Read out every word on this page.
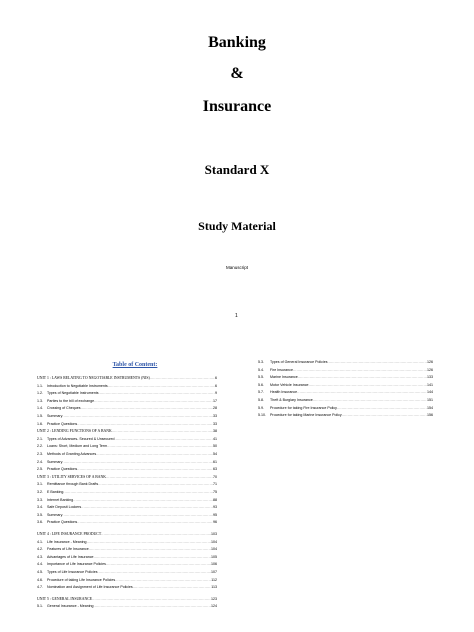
Banking
&
Insurance
Standard X
Study Material
Manuscript
1
Table of Content:
UNIT 1 : LAWS RELATING TO NEGOTIABLE INSTRUMENTS (NIS) .....	6
1.1. Introduction to Negotiable Instruments .....	6
1.2. Types of Negotiable Instruments .....	9
1.3. Parties to the bill of exchange .....	17
1.4. Crossing of Cheques .....	28
1.5. Summary .....	33
1.6. Practice Questions .....	33
UNIT 2 : LENDING FUNCTIONS OF A BANK .....	38
2.1. Types of Advances- Secured & Unsecured .....	41
2.2. Loans: Short, Medium and Long Term .....	50
2.3. Methods of Granting Advances .....	54
2.4. Summary .....	61
2.5. Practice Questions .....	63
UNIT 3 : UTILITY SERVICES OF A BANK .....	70
3.1. Remittance through Bank Drafts .....	71
3.2. E Banking .....	75
3.3. Internet Banking .....	88
3.4. Safe Deposit Lockers .....	93
3.5. Summary .....	95
3.6. Practice Questions .....	96
UNIT 4 : LIFE INSURANCE PRODUCT .....	103
4.1. Life Insurance - Meaning .....	104
4.2. Features of Life Insurance .....	104
4.3. Advantages of Life Insurance .....	105
4.4. Importance of Life Insurance Policies .....	106
4.5. Types of Life Insurance Policies .....	107
4.6. Procedure of taking Life Insurance Policies .....	112
4.7. Nomination and Assignment of Life Insurance Policies .....	113
UNIT 5 : GENERAL INSURANCE .....	123
5.1. General Insurance - Meaning .....	124
5.3. Types of General Insurance Policies .....	126
5.4. Fire Insurance .....	126
5.5. Marine Insurance .....	133
5.6. Motor Vehicle Insurance .....	141
5.7. Health Insurance .....	144
5.8. Theft & Burglary Insurance .....	151
5.9. Procedure for taking Fire Insurance Policy .....	154
5.10. Procedure for taking Marine Insurance Policy .....	156
